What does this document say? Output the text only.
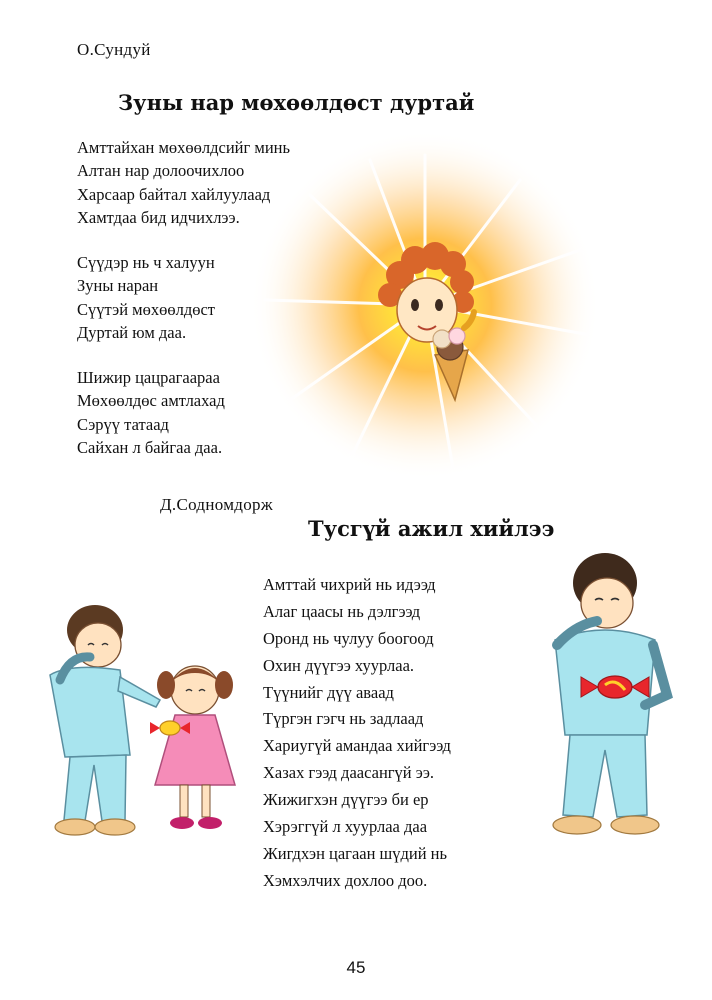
О.Сундуй
Зуны нар мөхөөлдөст дуртай
Амттайхан мөхөөлдсийг минь
Алтан нар долоочихлоо
Харсаар байтал хайлуулаад
Хамтдаа бид идчихлээ.
Сүүдэр нь ч халуун
Зуны наран
Сүүтэй мөхөөлдөст
Дуртай юм даа.
Шижир цацрагаараа
Мөхөөлдөс амтлахад
Сэрүү татаад
Сайхан л байгаа даа.
Д.Содномдорж
Тусгүй ажил хийлээ
Амттай чихрий нь идээд
Алаг цаасы нь дэлгээд
Оронд нь чулуу боогоод
Охин дүүгээ хуурлаа.
Түүнийг дүү аваад
Түргэн гэгч нь задлаад
Хариугүй амандаа хийгээд
Хазах гээд даасангүй ээ.
Жижигхэн дүүгээ би ер
Хэрэггүй л хуурлаа даа
Жигдхэн цагаан шүдий нь
Хэмхэлчих дохлоо доо.
45
